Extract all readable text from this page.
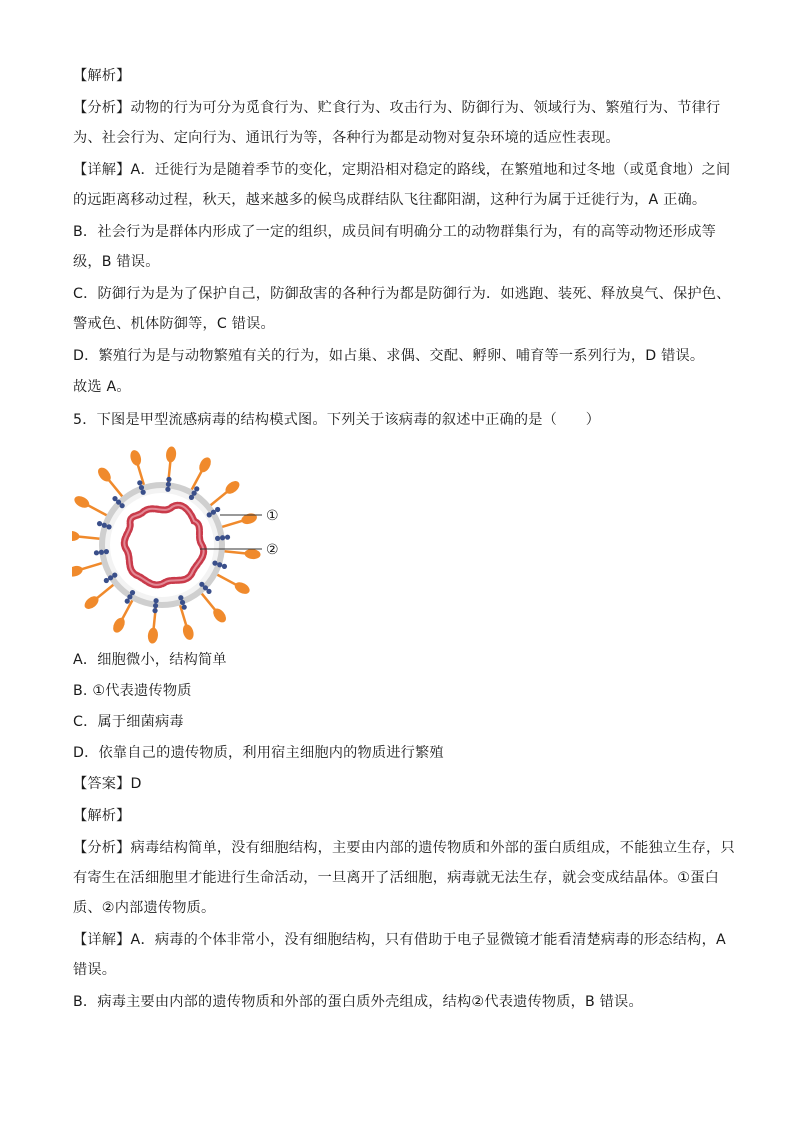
【解析】
【分析】动物的行为可分为觅食行为、贮食行为、攻击行为、防御行为、领域行为、繁殖行为、节律行
为、社会行为、定向行为、通讯行为等，各种行为都是动物对复杂环境的适应性表现。
【详解】A．迁徙行为是随着季节的变化，定期沿相对稳定的路线，在繁殖地和过冬地（或觅食地）之间
的远距离移动过程，秋天，越来越多的候鸟成群结队飞往鄱阳湖，这种行为属于迁徙行为，A 正确。
B．社会行为是群体内形成了一定的组织，成员间有明确分工的动物群集行为，有的高等动物还形成等
级，B 错误。
C．防御行为是为了保护自己，防御敌害的各种行为都是防御行为．如逃跑、装死、释放臭气、保护色、
警戒色、机体防御等，C 错误。
D．繁殖行为是与动物繁殖有关的行为，如占巢、求偶、交配、孵卵、哺育等一系列行为，D 错误。
故选 A。
5．下图是甲型流感病毒的结构模式图。下列关于该病毒的叙述中正确的是（　　）
①
②
A．细胞微小，结构简单
B. ①代表遗传物质
C．属于细菌病毒
D．依靠自己的遗传物质，利用宿主细胞内的物质进行繁殖
【答案】D
【解析】
【分析】病毒结构简单，没有细胞结构，主要由内部的遗传物质和外部的蛋白质组成，不能独立生存，只
有寄生在活细胞里才能进行生命活动，一旦离开了活细胞，病毒就无法生存，就会变成结晶体。①蛋白
质、②内部遗传物质。
【详解】A．病毒的个体非常小，没有细胞结构，只有借助于电子显微镜才能看清楚病毒的形态结构，A
错误。
B．病毒主要由内部的遗传物质和外部的蛋白质外壳组成，结构②代表遗传物质，B 错误。
